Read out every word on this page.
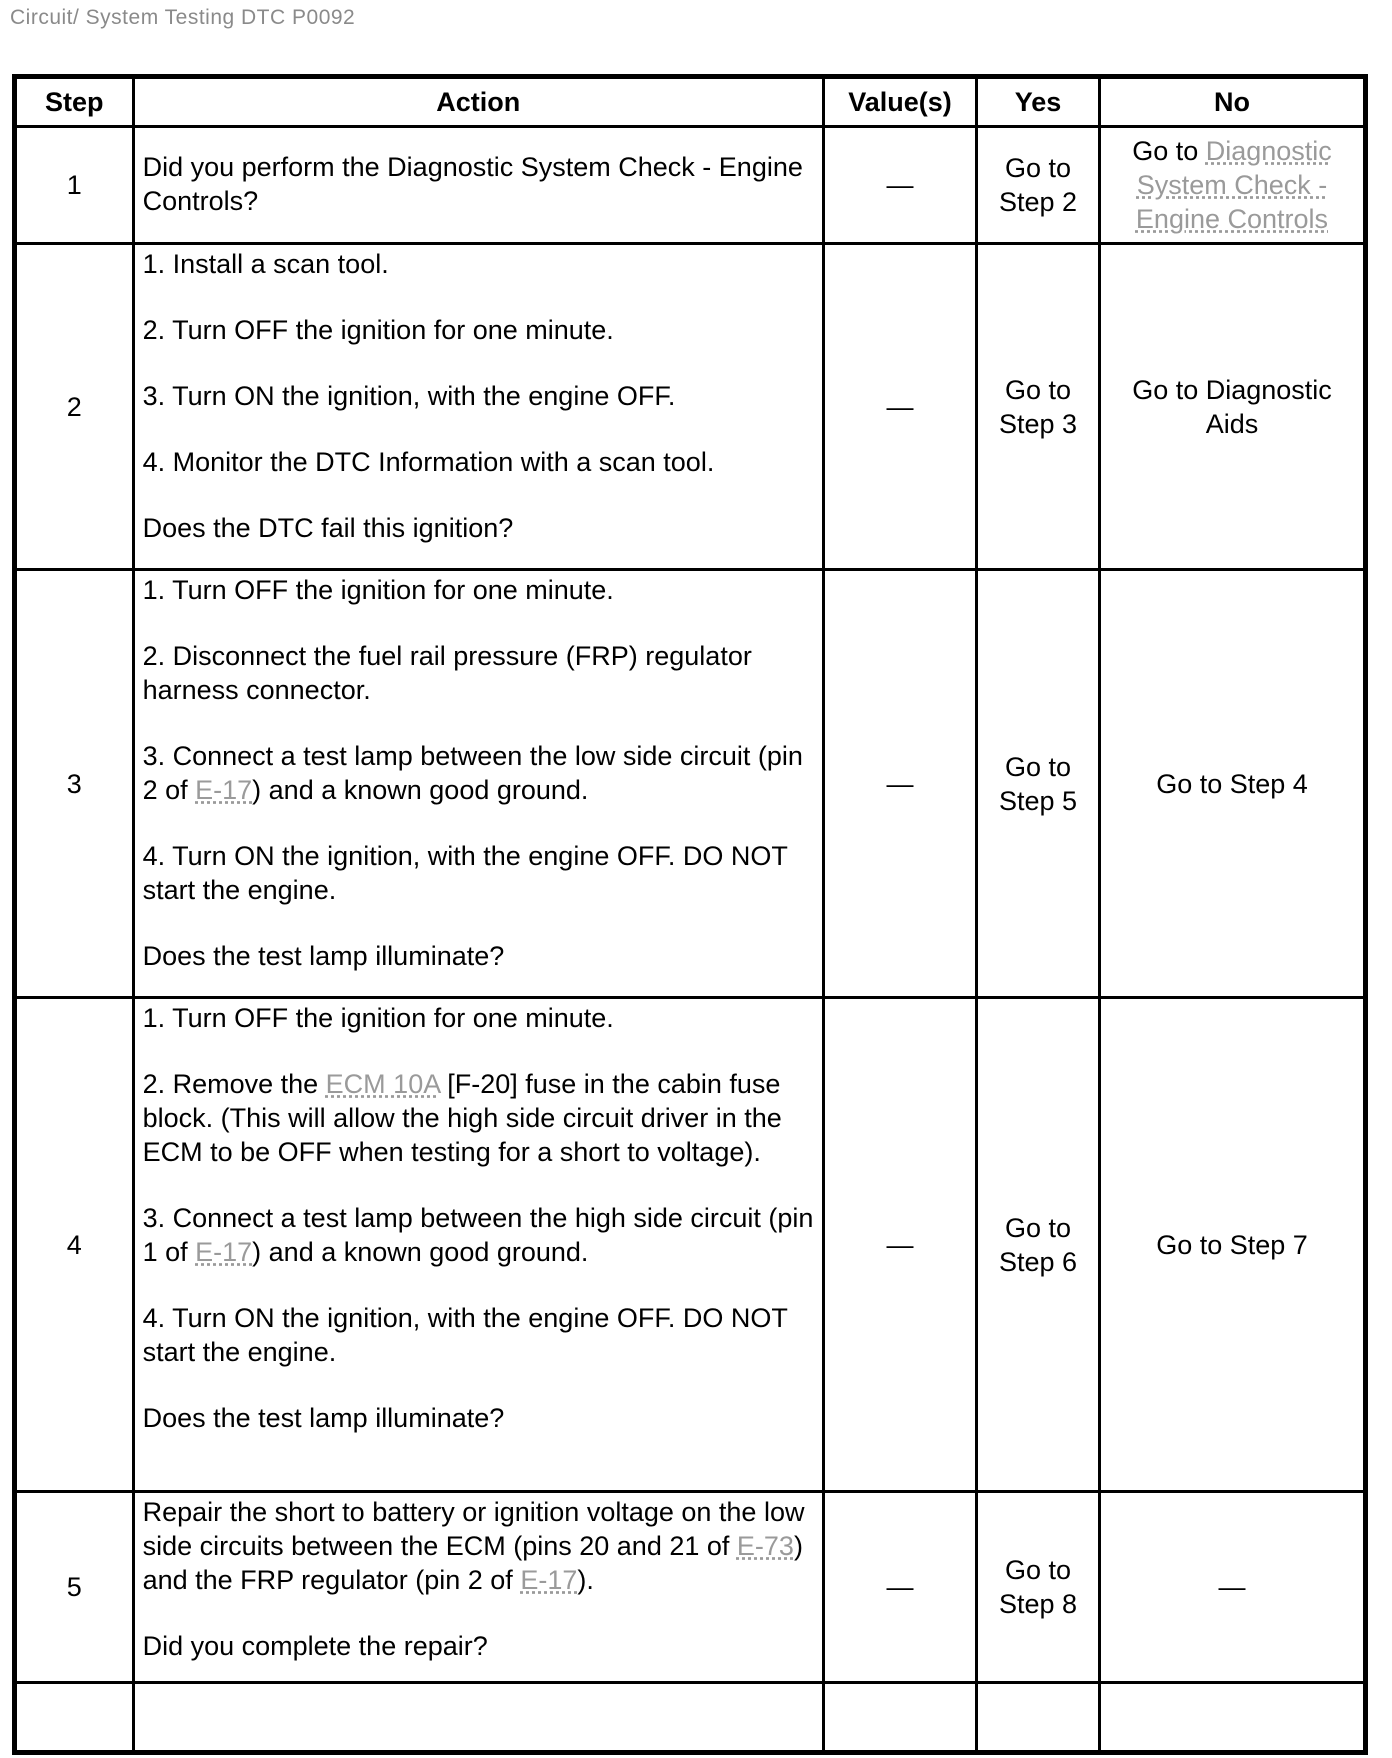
Circuit/ System Testing DTC P0092
Step	Action	Value(s)	Yes	No
1	Did you perform the Diagnostic System Check - Engine Controls?	—	Go to Step 2	Go to Diagnostic System Check - Engine Controls
2	1. Install a scan tool.

2. Turn OFF the ignition for one minute.

3. Turn ON the ignition, with the engine OFF.

4. Monitor the DTC Information with a scan tool.

Does the DTC fail this ignition?	—	Go to Step 3	Go to Diagnostic Aids
3	1. Turn OFF the ignition for one minute.

2. Disconnect the fuel rail pressure (FRP) regulator harness connector.

3. Connect a test lamp between the low side circuit (pin 2 of E-17) and a known good ground.

4. Turn ON the ignition, with the engine OFF. DO NOT start the engine.

Does the test lamp illuminate?	—	Go to Step 5	Go to Step 4
4	1. Turn OFF the ignition for one minute.

2. Remove the ECM 10A [F-20] fuse in the cabin fuse block. (This will allow the high side circuit driver in the ECM to be OFF when testing for a short to voltage).

3. Connect a test lamp between the high side circuit (pin 1 of E-17) and a known good ground.

4. Turn ON the ignition, with the engine OFF. DO NOT start the engine.

Does the test lamp illuminate?	—	Go to Step 6	Go to Step 7
5	Repair the short to battery or ignition voltage on the low side circuits between the ECM (pins 20 and 21 of E-73) and the FRP regulator (pin 2 of E-17).

Did you complete the repair?	—	Go to Step 8	—
